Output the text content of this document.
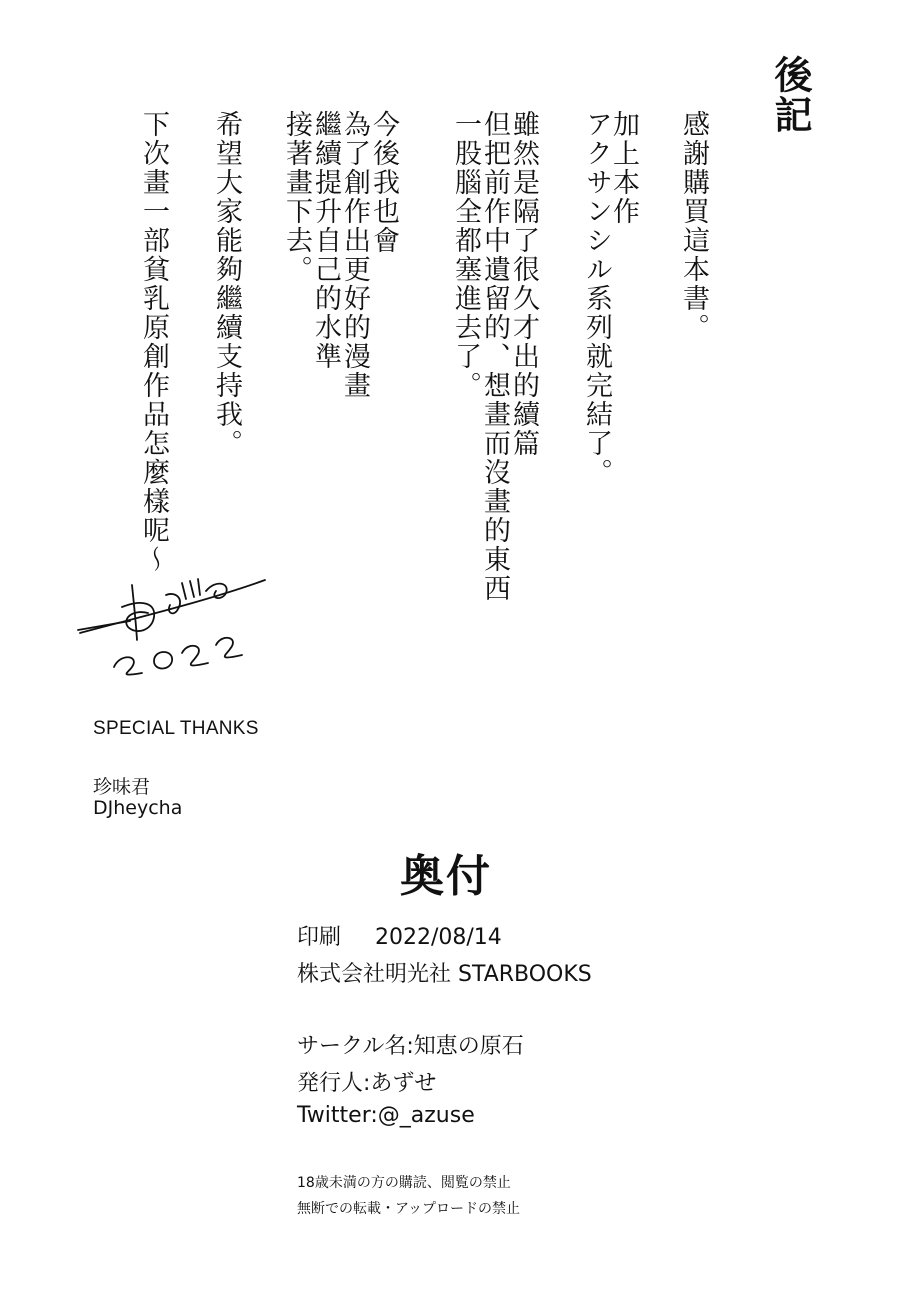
後記
感謝購買這本書。
加上本作
アクサンシル系列就完結了。
雖然是隔了很久才出的續篇
但把前作中遺留的、想畫而沒畫的東西
一股腦全都塞進去了。
今後我也會
為了創作出更好的漫畫
繼續提升自己的水準
接著畫下去。
希望大家能夠繼續支持我。
下次畫一部貧乳原創作品怎麼樣呢～
SPECIAL THANKS
珍味君
DJheycha
奥付
印刷 2022/08/14
株式会社明光社 STARBOOKS
サークル名:知恵の原石
発行人:あずせ
Twitter:@_azuse
18歳未満の方の購読、閲覧の禁止
無断での転載・アップロードの禁止
